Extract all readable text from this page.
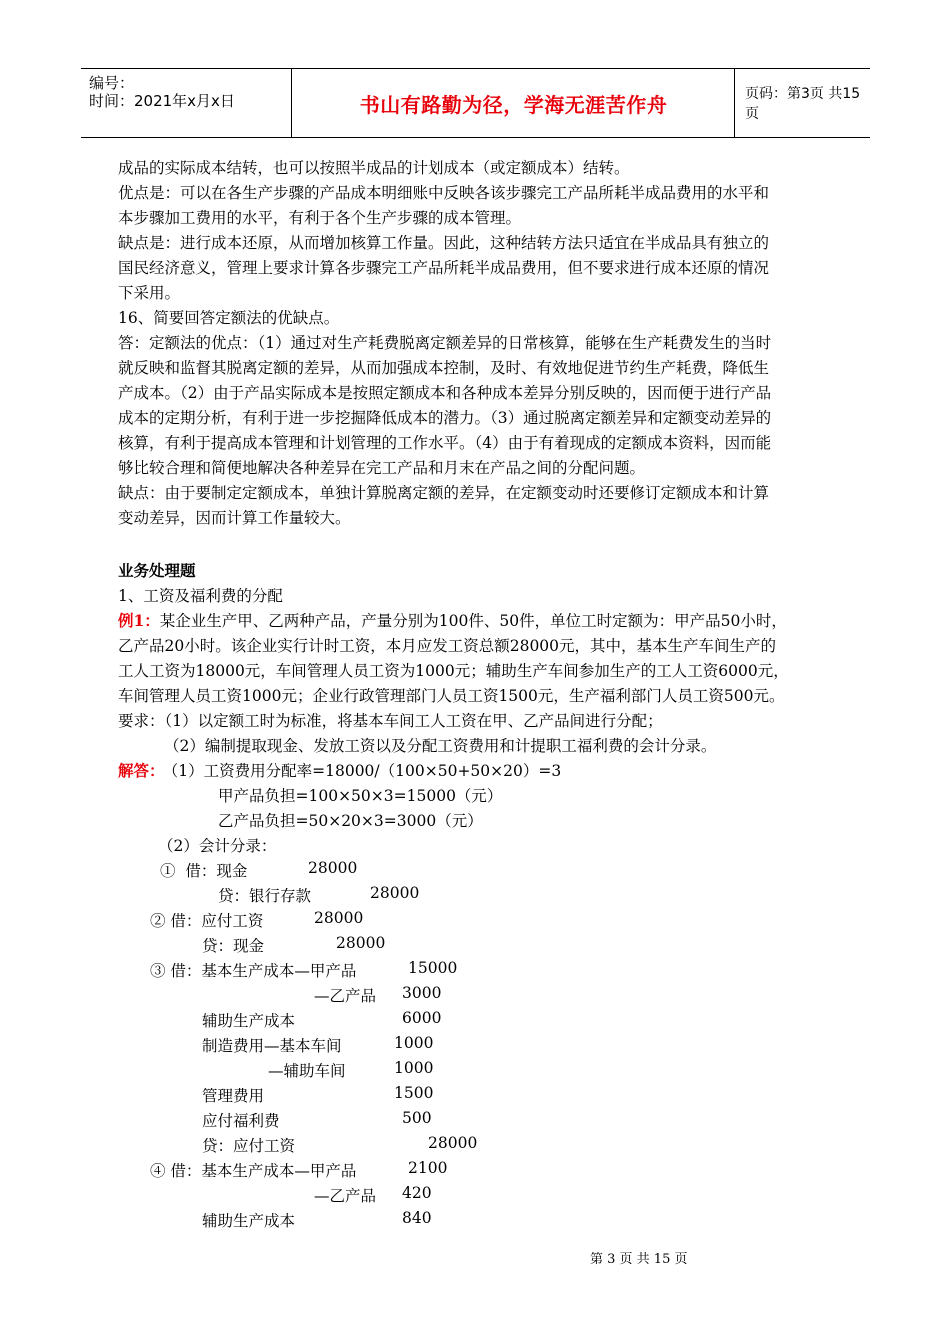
编号：
时间：2021年x月x日	书山有路勤为径，学海无涯苦作舟	页码：第3页 共15页
成品的实际成本结转，也可以按照半成品的计划成本（或定额成本）结转。
优点是：可以在各生产步骤的产品成本明细账中反映各该步骤完工产品所耗半成品费用的水平和
本步骤加工费用的水平，有利于各个生产步骤的成本管理。
缺点是：进行成本还原，从而增加核算工作量。因此，这种结转方法只适宜在半成品具有独立的
国民经济意义，管理上要求计算各步骤完工产品所耗半成品费用，但不要求进行成本还原的情况
下采用。
16、简要回答定额法的优缺点。
答：定额法的优点：（1）通过对生产耗费脱离定额差异的日常核算，能够在生产耗费发生的当时
就反映和监督其脱离定额的差异，从而加强成本控制，及时、有效地促进节约生产耗费，降低生
产成本。（2）由于产品实际成本是按照定额成本和各种成本差异分别反映的，因而便于进行产品
成本的定期分析，有利于进一步挖掘降低成本的潜力。（3）通过脱离定额差异和定额变动差异的
核算，有利于提高成本管理和计划管理的工作水平。（4）由于有着现成的定额成本资料，因而能
够比较合理和简便地解决各种差异在完工产品和月末在产品之间的分配问题。
缺点：由于要制定定额成本，单独计算脱离定额的差异，在定额变动时还要修订定额成本和计算
变动差异，因而计算工作量较大。
业务处理题
1、工资及福利费的分配
例1：某企业生产甲、乙两种产品，产量分别为100件、50件，单位工时定额为：甲产品50小时，
乙产品20小时。该企业实行计时工资，本月应发工资总额28000元，其中，基本生产车间生产的
工人工资为18000元，车间管理人员工资为1000元；辅助生产车间参加生产的工人工资6000元，
车间管理人员工资1000元；企业行政管理部门人员工资1500元，生产福利部门人员工资500元。
要求：（1）以定额工时为标准，将基本车间工人工资在甲、乙产品间进行分配；
（2）编制提取现金、发放工资以及分配工资费用和计提职工福利费的会计分录。
解答： （1）工资费用分配率=18000/（100×50+50×20）=3
甲产品负担=100×50×3=15000（元）
乙产品负担=50×20×3=3000（元）
（2）会计分录：
①  借：现金	28000
贷：银行存款	28000
② 借：应付工资	28000
贷：现金	28000
③ 借：基本生产成本—甲产品	15000
—乙产品 3000
辅助生产成本	6000
制造费用—基本车间	1000
—辅助车间	1000
管理费用	1500
应付福利费	500
贷：应付工资	28000
④ 借：基本生产成本—甲产品	2100
—乙产品 420
辅助生产成本	840
第 3 页 共 15 页
